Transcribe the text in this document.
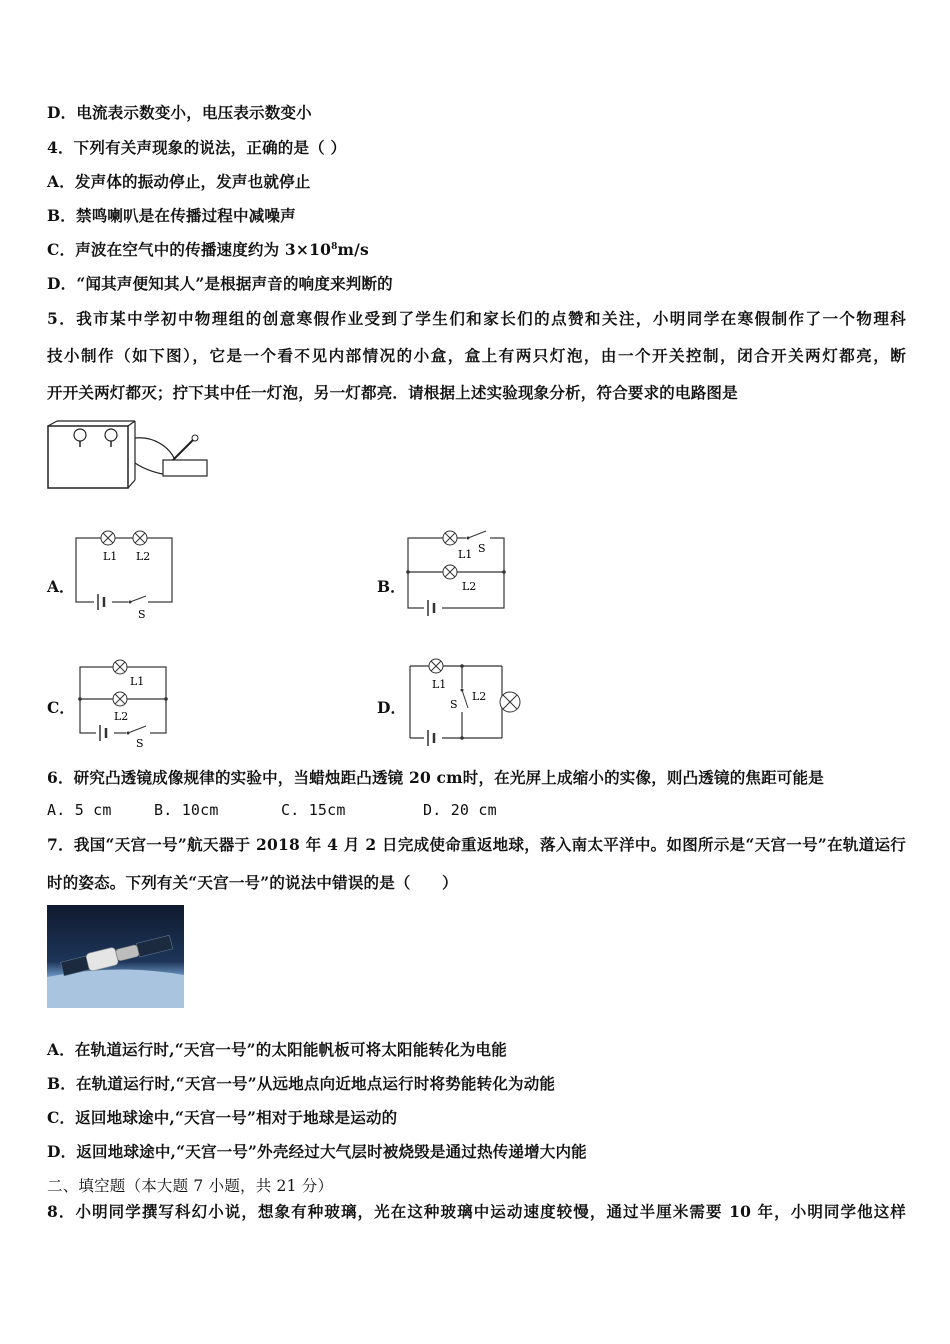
D．电流表示数变小，电压表示数变小
4．下列有关声现象的说法，正确的是（ ）
A．发声体的振动停止，发声也就停止
B．禁鸣喇叭是在传播过程中减噪声
C．声波在空气中的传播速度约为 $3\times 10^8m/s$
D．“闻其声便知其人”是根据声音的响度来判断的
5．我市某中学初中物理组的创意寒假作业受到了学生们和家长们的点赞和关注，小明同学在寒假制作了一个物理科
技小制作（如下图），它是一个看不见内部情况的小盒，盒上有两只灯泡，由一个开关控制，闭合开关两灯都亮，断
开开关两灯都灭；拧下其中任一灯泡，另一灯都亮．请根据上述实验现象分析，符合要求的电路图是
A．
L1 L2
S
B．
L1 S
L2
C．
L1
L2
S
D．
L1
S
L2
6．研究凸透镜成像规律的实验中，当蜡烛距凸透镜 20 cm时，在光屏上成缩小的实像，则凸透镜的焦距可能是
A. 5 cm	B. 10cm	C. 15cm	D. 20 cm
7．我国“天宫一号”航天器于 2018 年 4 月 2 日完成使命重返地球，落入南太平洋中。如图所示是“天宫一号”在轨道运行
时的姿态。下列有关“天宫一号”的说法中错误的是（　　）
A．在轨道运行时,“天宫一号”的太阳能帆板可将太阳能转化为电能
B．在轨道运行时,“天宫一号”从远地点向近地点运行时将势能转化为动能
C．返回地球途中,“天宫一号”相对于地球是运动的
D．返回地球途中,“天宫一号”外壳经过大气层时被烧毁是通过热传递增大内能
二、填空题（本大题 7 小题，共 21 分）
8．小明同学撰写科幻小说，想象有种玻璃，光在这种玻璃中运动速度较慢，通过半厘米需要 10 年，小明同学他这样
